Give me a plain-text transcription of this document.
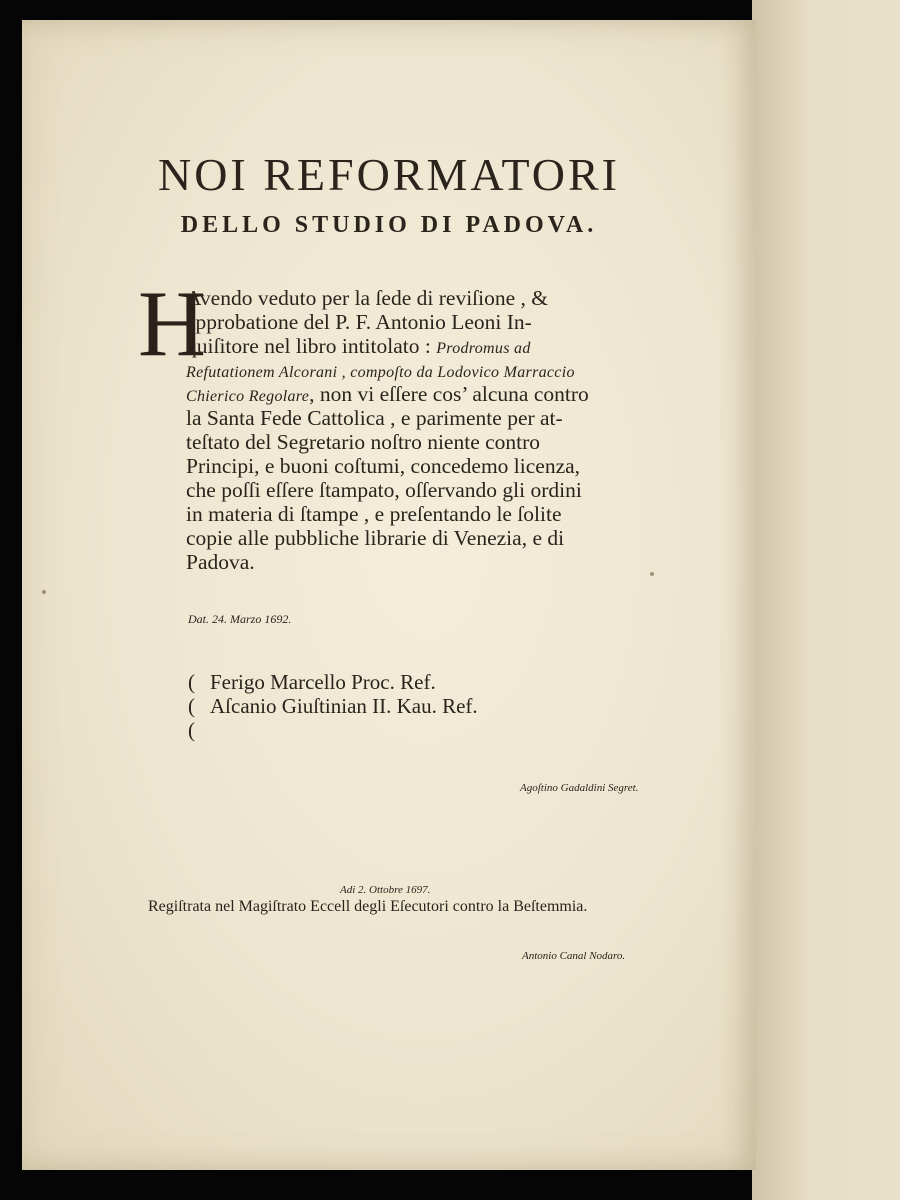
NOI REFORMATORI
DELLO STUDIO DI PADOVA.
H
Avendo veduto per la ſede di reviſione , &
approbatione del P. F. Antonio Leoni In-
quiſitore nel libro intitolato : Prodromus ad
Refutationem Alcorani , compoſto da Lodovico Marraccio
Chierico Regolare, non vi eſſere cos’ alcuna contro
la Santa Fede Cattolica , e parimente per at-
teſtato del Segretario noſtro niente contro
Principi, e buoni coſtumi, concedemo licenza,
che poſſi eſſere ſtampato, oſſervando gli ordini
in materia di ſtampe , e preſentando le ſolite
copie alle pubbliche librarie di Venezia, e di
Padova.
Dat. 24. Marzo 1692.
( Ferigo Marcello Proc. Ref.
( Aſcanio Giuſtinian II. Kau. Ref.
(
Agoſtino Gadaldini Segret.
Adi 2. Ottobre 1697.
Regiſtrata nel Magiſtrato Eccell degli Eſecutori contro la Beſtemmia.
Antonio Canal Nodaro.
